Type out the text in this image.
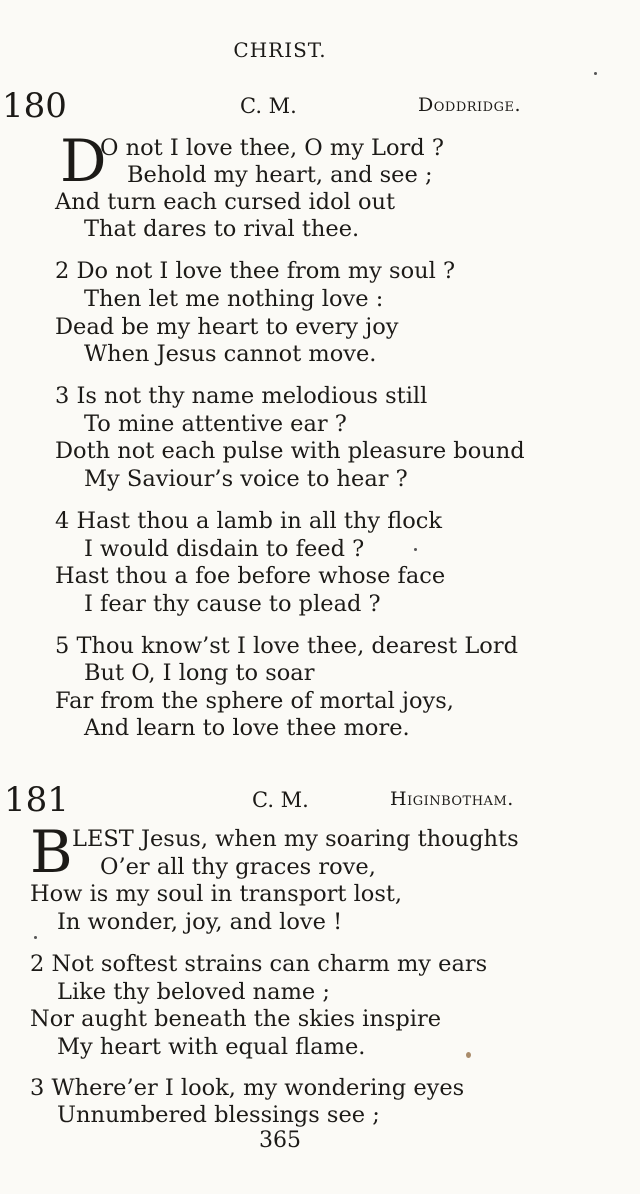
CHRIST.
180	C. M.	Doddridge.
D
O not I love thee, O my Lord ?
Behold my heart, and see ;
And turn each cursed idol out
That dares to rival thee.
2 Do not I love thee from my soul ?
Then let me nothing love :
Dead be my heart to every joy
When Jesus cannot move.
3 Is not thy name melodious still
To mine attentive ear ?
Doth not each pulse with pleasure bound
My Saviour’s voice to hear ?
4 Hast thou a lamb in all thy flock
I would disdain to feed ?
Hast thou a foe before whose face
I fear thy cause to plead ?
5 Thou know’st I love thee, dearest Lord
But O, I long to soar
Far from the sphere of mortal joys,
And learn to love thee more.
181	C. M.	Higinbotham.
B LEST Jesus, when my soaring thoughts
O’er all thy graces rove,
How is my soul in transport lost,
In wonder, joy, and love !
2 Not softest strains can charm my ears
Like thy beloved name ;
Nor aught beneath the skies inspire
My heart with equal flame.
3 Where’er I look, my wondering eyes
Unnumbered blessings see ;
365
